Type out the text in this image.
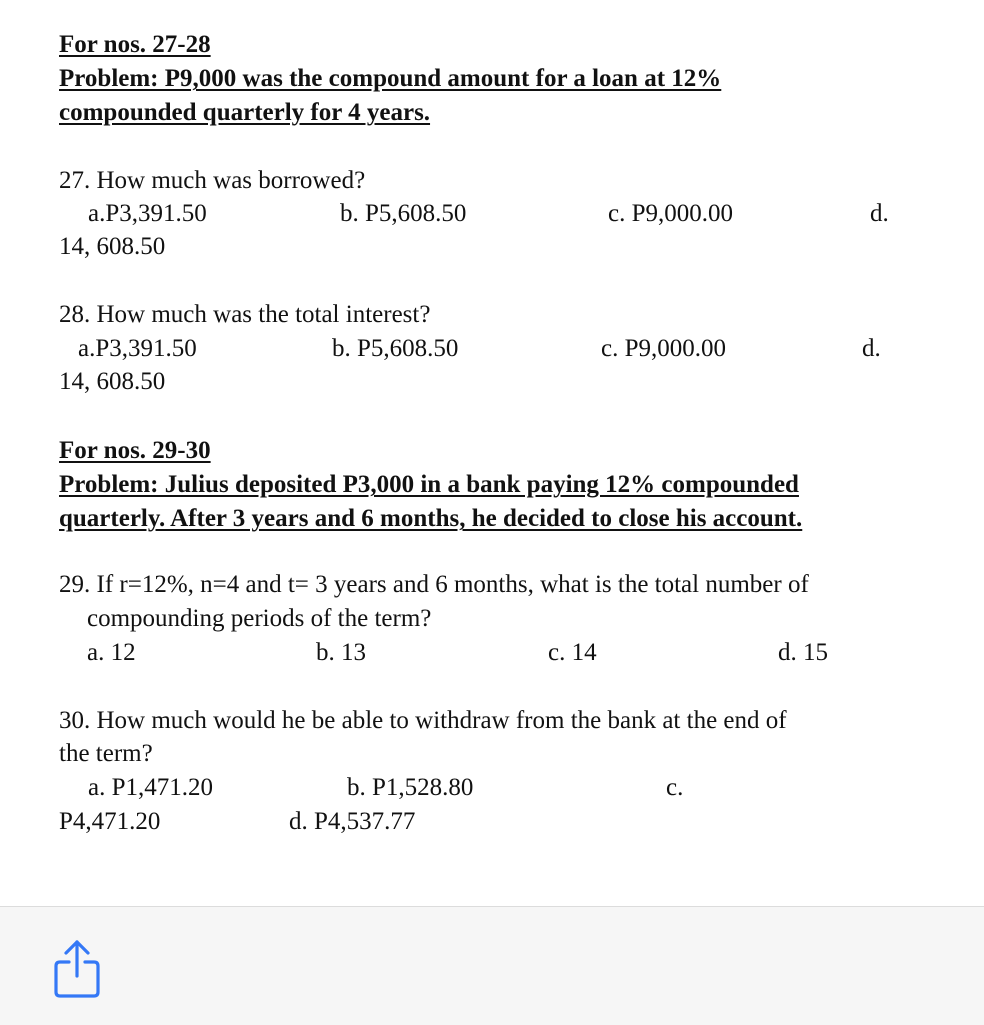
For nos. 27-28
Problem: P9,000 was the compound amount for a loan at 12%
compounded quarterly for 4 years.
27. How much was borrowed?
a.P3,391.50	b. P5,608.50	c. P9,000.00	d.
14, 608.50
28. How much was the total interest?
a.P3,391.50	b. P5,608.50	c. P9,000.00	d.
14, 608.50
For nos. 29-30
Problem: Julius deposited P3,000 in a bank paying 12% compounded
quarterly. After 3 years and 6 months, he decided to close his account.
29. If r=12%, n=4 and t= 3 years and 6 months, what is the total number of
compounding periods of the term?
a. 12	b. 13	c. 14	d. 15
30. How much would he be able to withdraw from the bank at the end of
the term?
a. P1,471.20	b. P1,528.80	c.
P4,471.20	d. P4,537.77
